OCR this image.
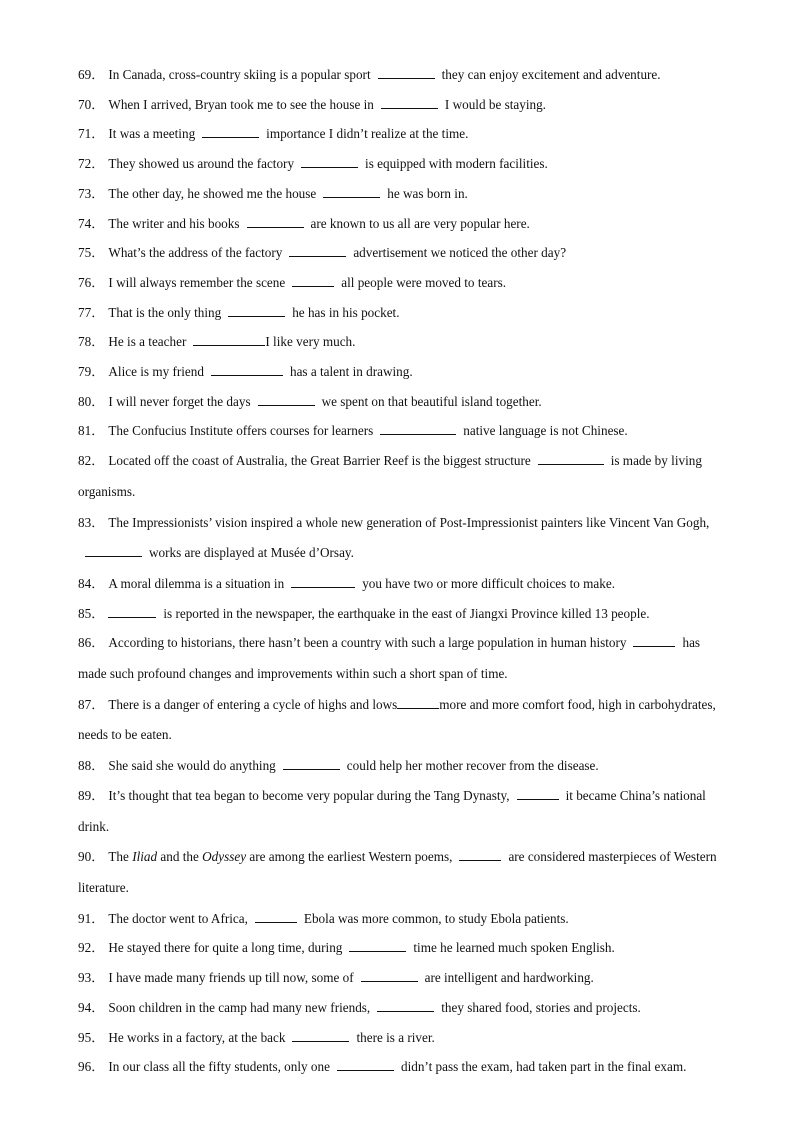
69． In Canada, cross-country skiing is a popular sport	they can enjoy excitement and adventure.

70． When I arrived, Bryan took me to see the house in	I would be staying.

71． It was a meeting	importance I didn’t realize at the time.

72． They showed us around the factory	is equipped with modern facilities.

73． The other day, he showed me the house	he was born in.

74． The writer and his books	are known to us all are very popular here.

75． What’s the address of the factory	advertisement we noticed the other day?

76． I will always remember the scene	all people were moved to tears.

77． That is the only thing	he has in his pocket.

78． He is a teacher	I like very much.

79． Alice is my friend	has a talent in drawing.

80． I will never forget the days	we spent on that beautiful island together.

81． The Confucius Institute offers courses for learners	native language is not Chinese.

82． Located off the coast of Australia, the Great Barrier Reef is the biggest structure	is made by living organisms.

83． The Impressionists’ vision inspired a whole new generation of Post-Impressionist painters like Vincent Van Gogh,works are displayed at Musée d’Orsay.

84． A moral dilemma is a situation in	you have two or more difficult choices to make.

85．	is reported in the newspaper, the earthquake in the east of Jiangxi Province killed 13 people.

86． According to historians, there hasn’t been a country with such a large population in human history	has made such profound changes and improvements within such a short span of time.

87． There is a danger of entering a cycle of highs and lows	more and more comfort food, high in carbohydrates, needs to be eaten.

88． She said she would do anything	could help her mother recover from the disease.

89． It’s thought that tea began to become very popular during the Tang Dynasty,	it became China’s national drink.

90． The Iliad and the Odyssey are among the earliest Western poems,	are considered masterpieces of Western literature.

91． The doctor went to Africa,	Ebola was more common, to study Ebola patients.

92． He stayed there for quite a long time, during	time he learned much spoken English.

93． I have made many friends up till now, some of	are intelligent and hardworking.

94． Soon children in the camp had many new friends,	they shared food, stories and projects.

95． He works in a factory, at the back	there is a river.

96． In our class all the fifty students, only one	didn’t pass the exam, had taken part in the final exam.
